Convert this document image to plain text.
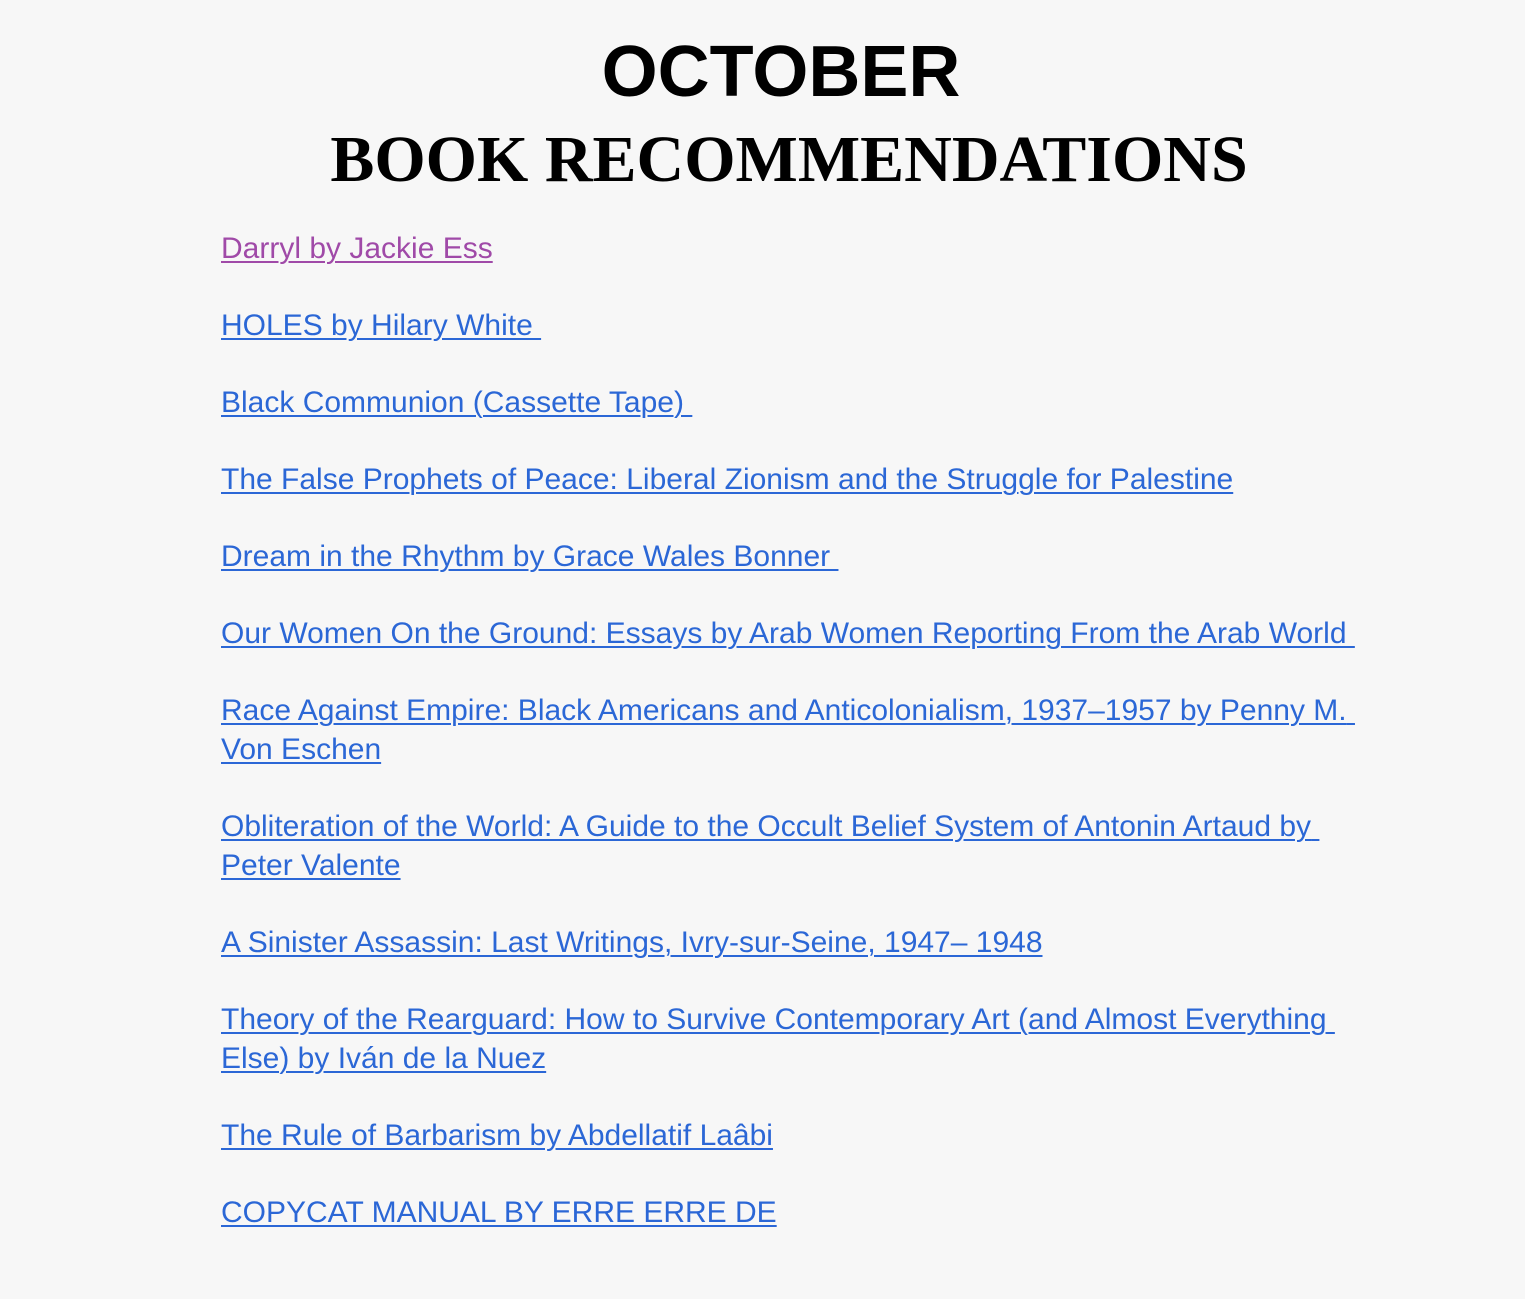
OCTOBER
BOOK RECOMMENDATIONS
Darryl by Jackie Ess
HOLES by Hilary White
Black Communion (Cassette Tape)
The False Prophets of Peace: Liberal Zionism and the Struggle for Palestine
Dream in the Rhythm by Grace Wales Bonner
Our Women On the Ground: Essays by Arab Women Reporting From the Arab World
Race Against Empire: Black Americans and Anticolonialism, 1937–1957 by Penny M. Von Eschen
Obliteration of the World: A Guide to the Occult Belief System of Antonin Artaud by Peter Valente
A Sinister Assassin: Last Writings, Ivry-sur-Seine, 1947– 1948
Theory of the Rearguard: How to Survive Contemporary Art (and Almost Everything Else) by Iván de la Nuez
The Rule of Barbarism by Abdellatif Laâbi
COPYCAT MANUAL BY ERRE ERRE DE
